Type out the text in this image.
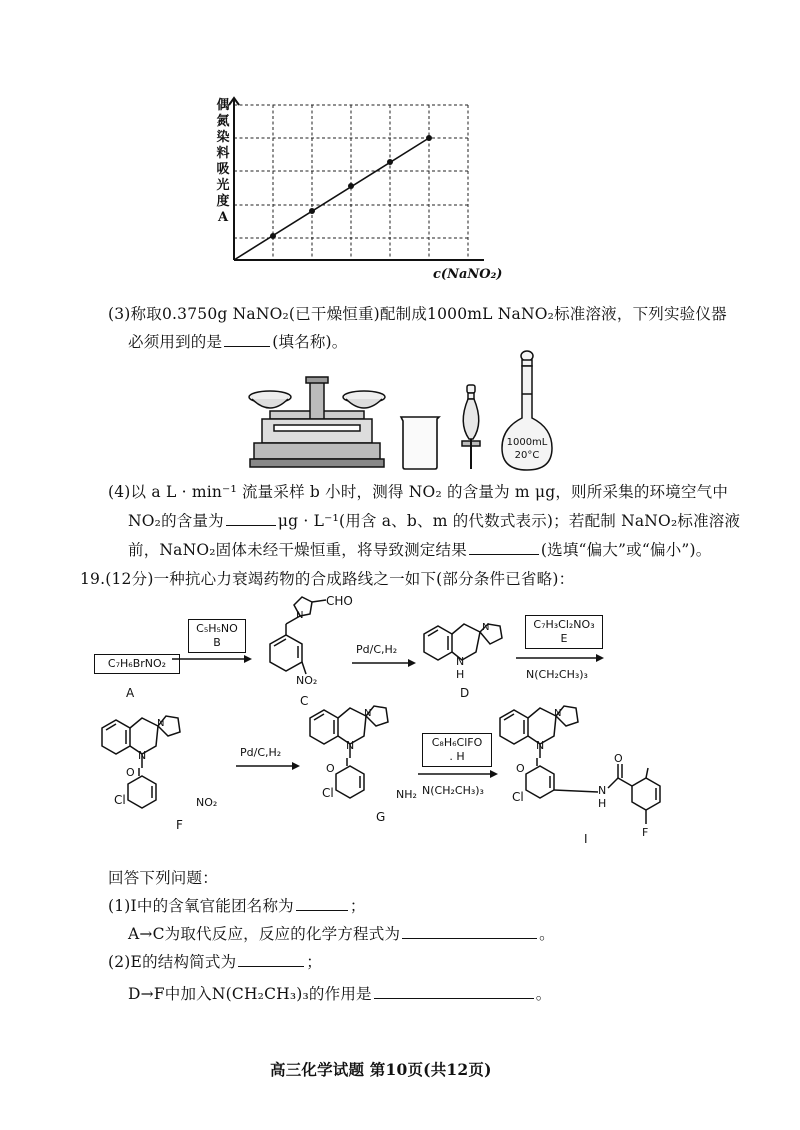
偶
氮
染
料
吸
光
度
A
c(NaNO₂)
(3)称取0.3750g NaNO₂(已干燥恒重)配制成1000mL NaNO₂标准溶液，下列实验仪器
必须用到的是	(填名称)。
1000mL
20°C
(4)以 a L · min⁻¹ 流量采样 b 小时，测得 NO₂ 的含量为 m μg，则所采集的环境空气中
NO₂的含量为	μg · L⁻¹(用含 a、b、m 的代数式表示)；若配制 NaNO₂标准溶液
前，NaNO₂固体未经干燥恒重，将导致测定结果	(选填“偏大”或“偏小”)。
19.(12分)一种抗心力衰竭药物的合成路线之一如下(部分条件已省略)：
C₇H₆BrNO₂
A
C₅H₅NO
B
N
CHO
NO₂
C
Pd/C,H₂
N
N
H
D
C₇H₃Cl₂NO₃
E
N(CH₂CH₃)₃
N
N
O
Cl	NO₂
F
Pd/C,H₂
N
N
O
Cl	NH₂
G
C₈H₆ClFO
. H
N(CH₂CH₃)₃
N
N
O
Cl	N
H
O
F
I
回答下列问题：
(1)Ⅰ中的含氧官能团名称为	；
A→C为取代反应，反应的化学方程式为	。
(2)E的结构简式为	；
D→F中加入N(CH₂CH₃)₃的作用是	。
高三化学试题 第10页(共12页)
